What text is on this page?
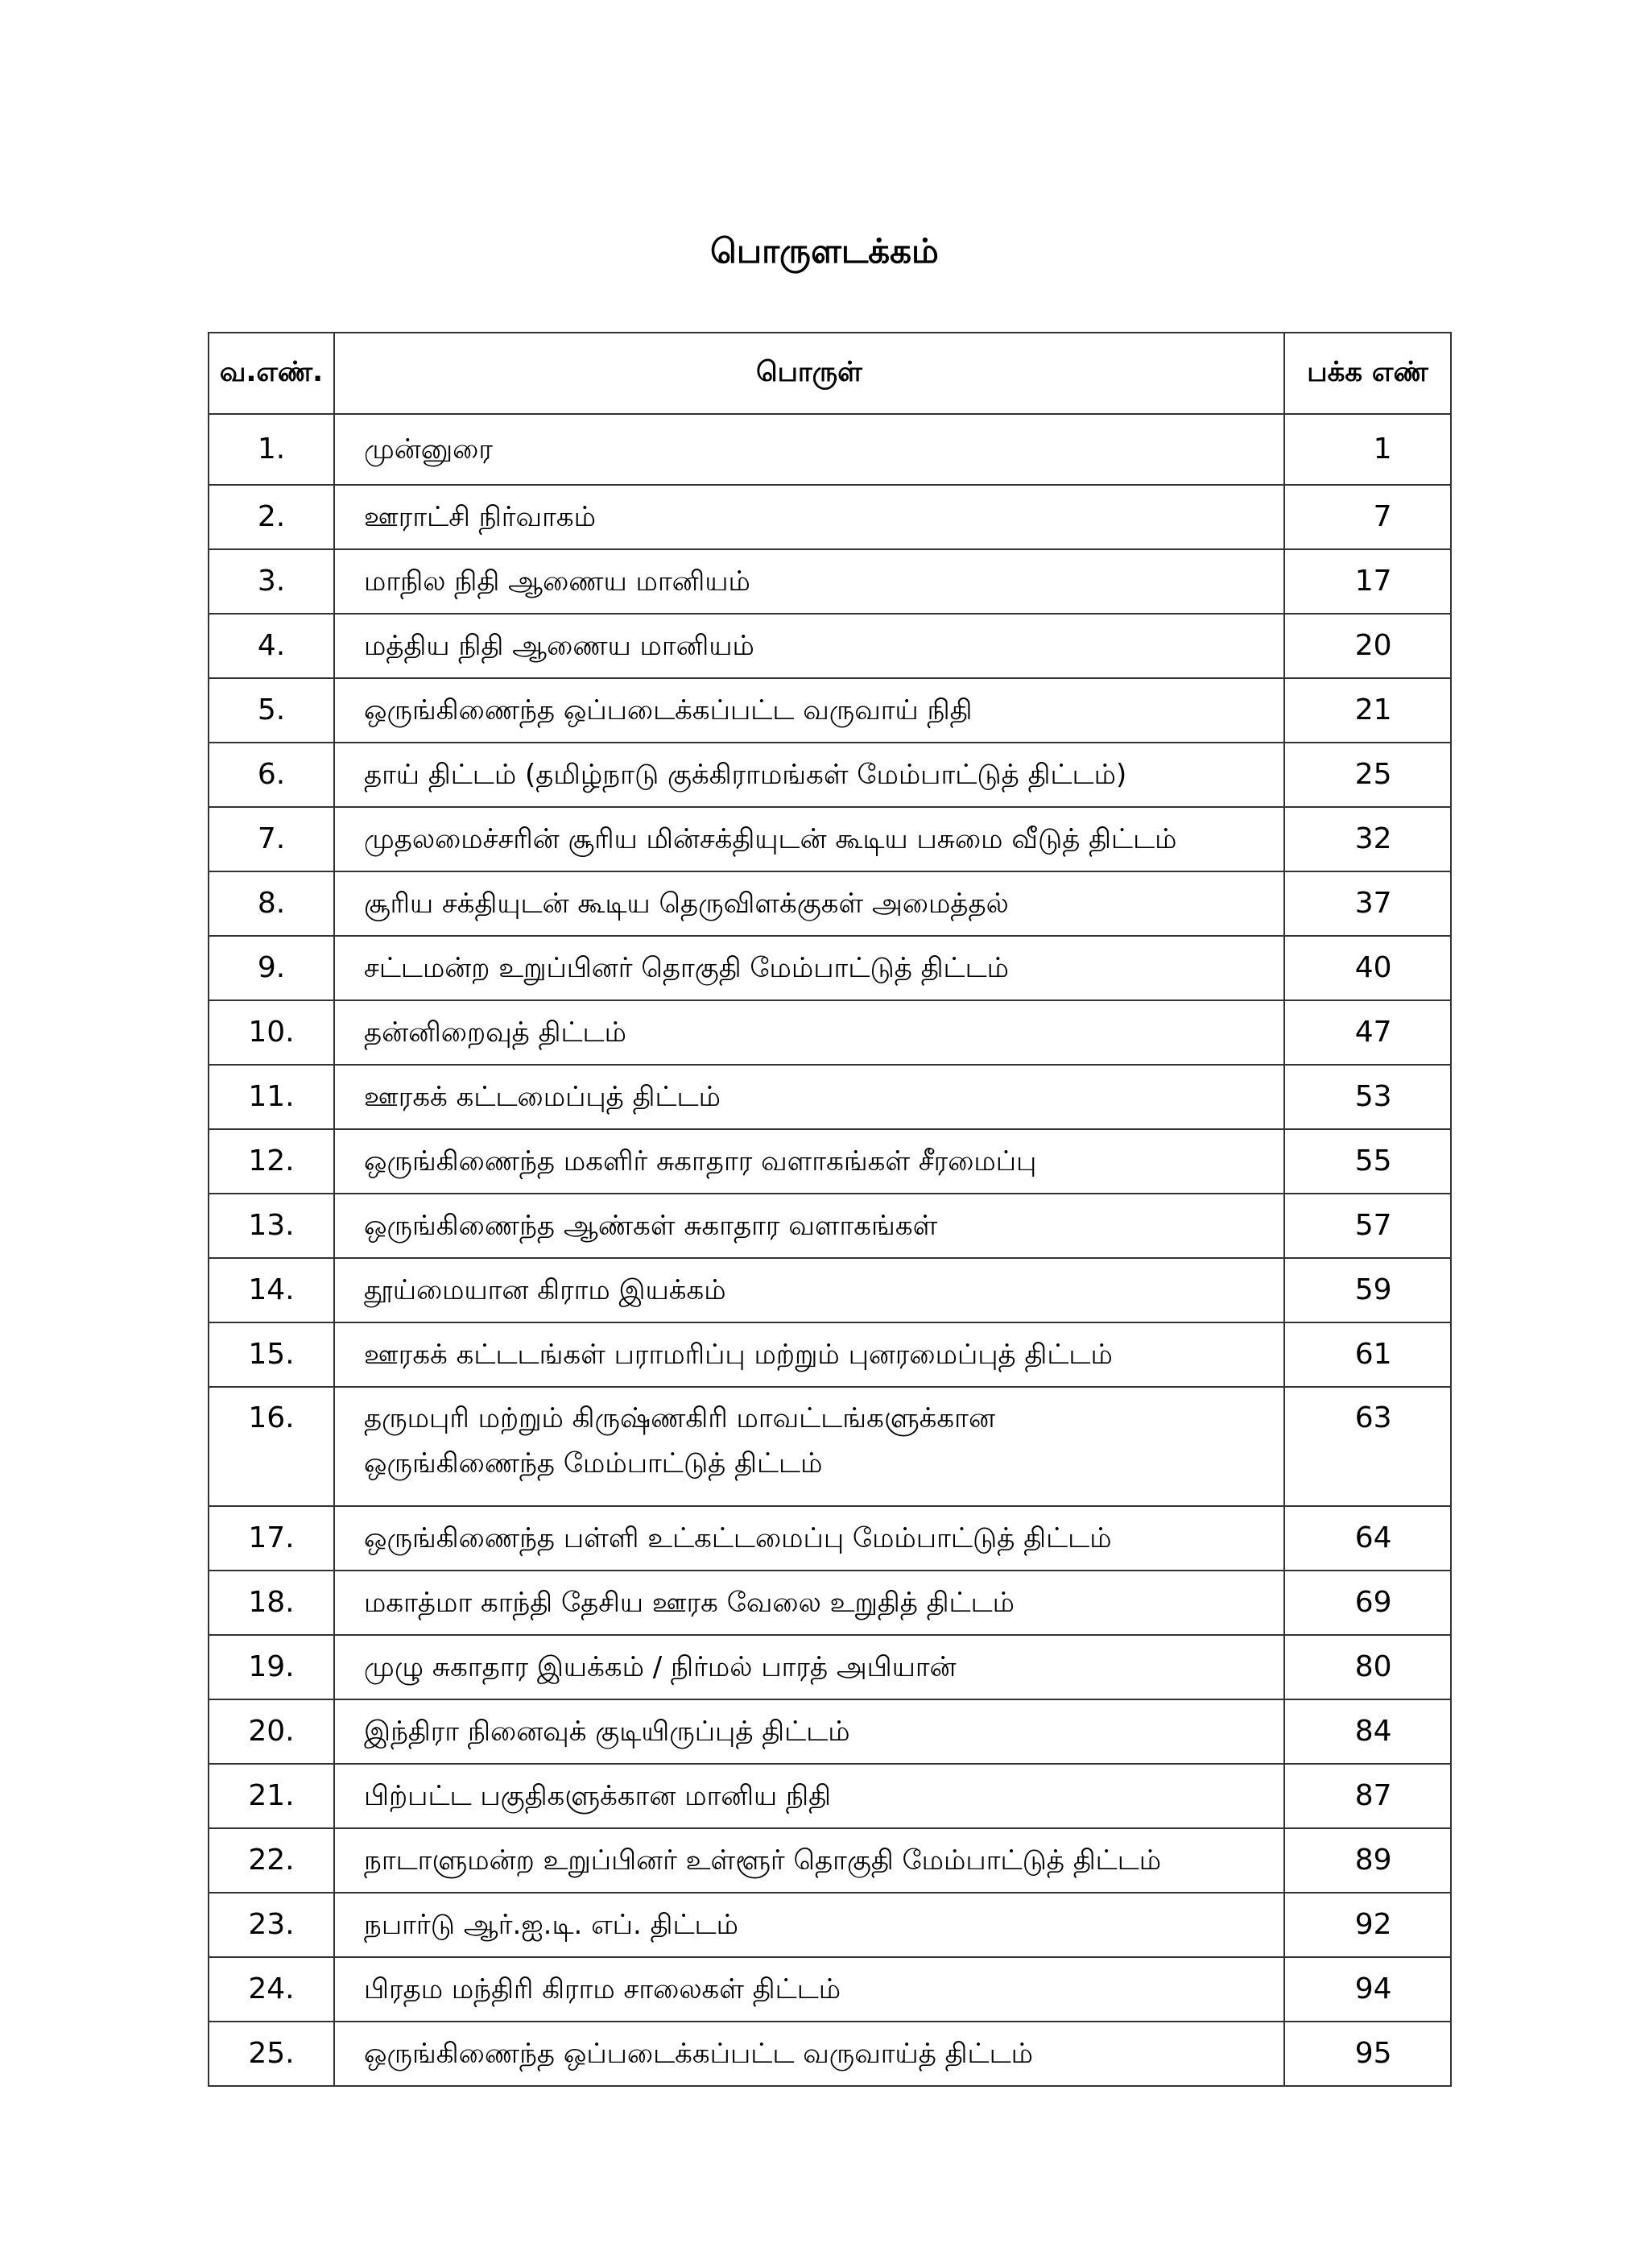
பொருளடக்கம்
வ.எண்.	பொருள்	பக்க எண்
1.	முன்னுரை	1
2.	ஊராட்சி நிர்வாகம்	7
3.	மாநில நிதி ஆணைய மானியம்	17
4.	மத்திய நிதி ஆணைய மானியம்	20
5.	ஒருங்கிணைந்த ஒப்படைக்கப்பட்ட வருவாய் நிதி	21
6.	தாய் திட்டம் (தமிழ்நாடு குக்கிராமங்கள் மேம்பாட்டுத் திட்டம்)	25
7.	முதலமைச்சரின் சூரிய மின்சக்தியுடன் கூடிய பசுமை வீடுத் திட்டம்	32
8.	சூரிய சக்தியுடன் கூடிய தெருவிளக்குகள் அமைத்தல்	37
9.	சட்டமன்ற உறுப்பினர் தொகுதி மேம்பாட்டுத் திட்டம்	40
10.	தன்னிறைவுத் திட்டம்	47
11.	ஊரகக் கட்டமைப்புத் திட்டம்	53
12.	ஒருங்கிணைந்த மகளிர் சுகாதார வளாகங்கள் சீரமைப்பு	55
13.	ஒருங்கிணைந்த ஆண்கள் சுகாதார வளாகங்கள்	57
14.	தூய்மையான கிராம இயக்கம்	59
15.	ஊரகக் கட்டடங்கள் பராமரிப்பு மற்றும் புனரமைப்புத் திட்டம்	61
16.	தருமபுரி மற்றும் கிருஷ்ணகிரி மாவட்டங்களுக்கான
ஒருங்கிணைந்த மேம்பாட்டுத் திட்டம்	63
17.	ஒருங்கிணைந்த பள்ளி உட்கட்டமைப்பு மேம்பாட்டுத் திட்டம்	64
18.	மகாத்மா காந்தி தேசிய ஊரக வேலை உறுதித் திட்டம்	69
19.	முழு சுகாதார இயக்கம் / நிர்மல் பாரத் அபியான்	80
20.	இந்திரா நினைவுக் குடியிருப்புத் திட்டம்	84
21.	பிற்பட்ட பகுதிகளுக்கான மானிய நிதி	87
22.	நாடாளுமன்ற உறுப்பினர் உள்ளூர் தொகுதி மேம்பாட்டுத் திட்டம்	89
23.	நபார்டு ஆர்.ஐ.டி. எப். திட்டம்	92
24.	பிரதம மந்திரி கிராம சாலைகள் திட்டம்	94
25.	ஒருங்கிணைந்த ஒப்படைக்கப்பட்ட வருவாய்த் திட்டம்	95
